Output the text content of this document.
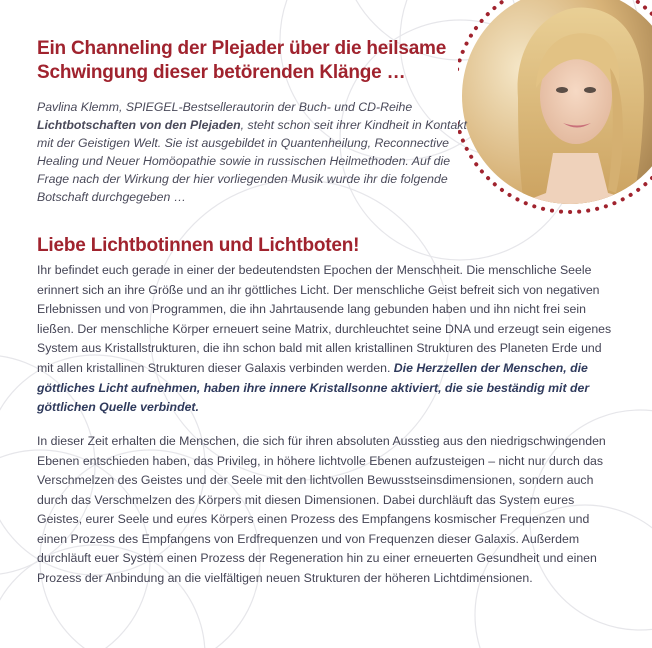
Ein Channeling der Plejader über die heilsame Schwingung dieser betörenden Klänge …

Pavlina Klemm, SPIEGEL-Bestsellerautorin der Buch- und CD-Reihe Lichtbotschaften von den Plejaden, steht schon seit ihrer Kindheit in Kontakt mit der Geistigen Welt. Sie ist ausgebildet in Quantenheilung, Reconnective Healing und Neuer Homöopathie sowie in russischen Heilmethoden. Auf die Frage nach der Wirkung der hier vorliegenden Musik wurde ihr die folgende Botschaft durchgegeben …

Liebe Lichtbotinnen und Lichtboten!

Ihr befindet euch gerade in einer der bedeutendsten Epochen der Menschheit. Die menschliche Seele erinnert sich an ihre Größe und an ihr göttliches Licht. Der menschliche Geist befreit sich von negativen Erlebnissen und von Programmen, die ihn Jahrtausende lang gebunden haben und ihn nicht frei sein ließen. Der menschliche Körper erneuert seine Matrix, durchleuchtet seine DNA und erzeugt sein eigenes System aus Kristallstrukturen, die ihn schon bald mit allen kristallinen Strukturen des Planeten Erde und mit allen kristallinen Strukturen dieser Galaxis verbinden werden. Die Herzzellen der Menschen, die göttliches Licht aufnehmen, haben ihre innere Kristallsonne aktiviert, die sie beständig mit der göttlichen Quelle verbindet.

In dieser Zeit erhalten die Menschen, die sich für ihren absoluten Ausstieg aus den niedrigschwingenden Ebenen entschieden haben, das Privileg, in höhere lichtvolle Ebenen aufzusteigen – nicht nur durch das Verschmelzen des Geistes und der Seele mit den lichtvollen Bewusstseinsdimensionen, sondern auch durch das Verschmelzen des Körpers mit diesen Dimensionen. Dabei durchläuft das System eures Geistes, eurer Seele und eures Körpers einen Prozess des Empfangens kosmischer Frequenzen und einen Prozess des Empfangens von Erdfrequenzen und von Frequenzen dieser Galaxis. Außerdem durchläuft euer System einen Prozess der Regeneration hin zu einer erneuerten Gesundheit und einen Prozess der Anbindung an die vielfältigen neuen Strukturen der höheren Lichtdimensionen.
